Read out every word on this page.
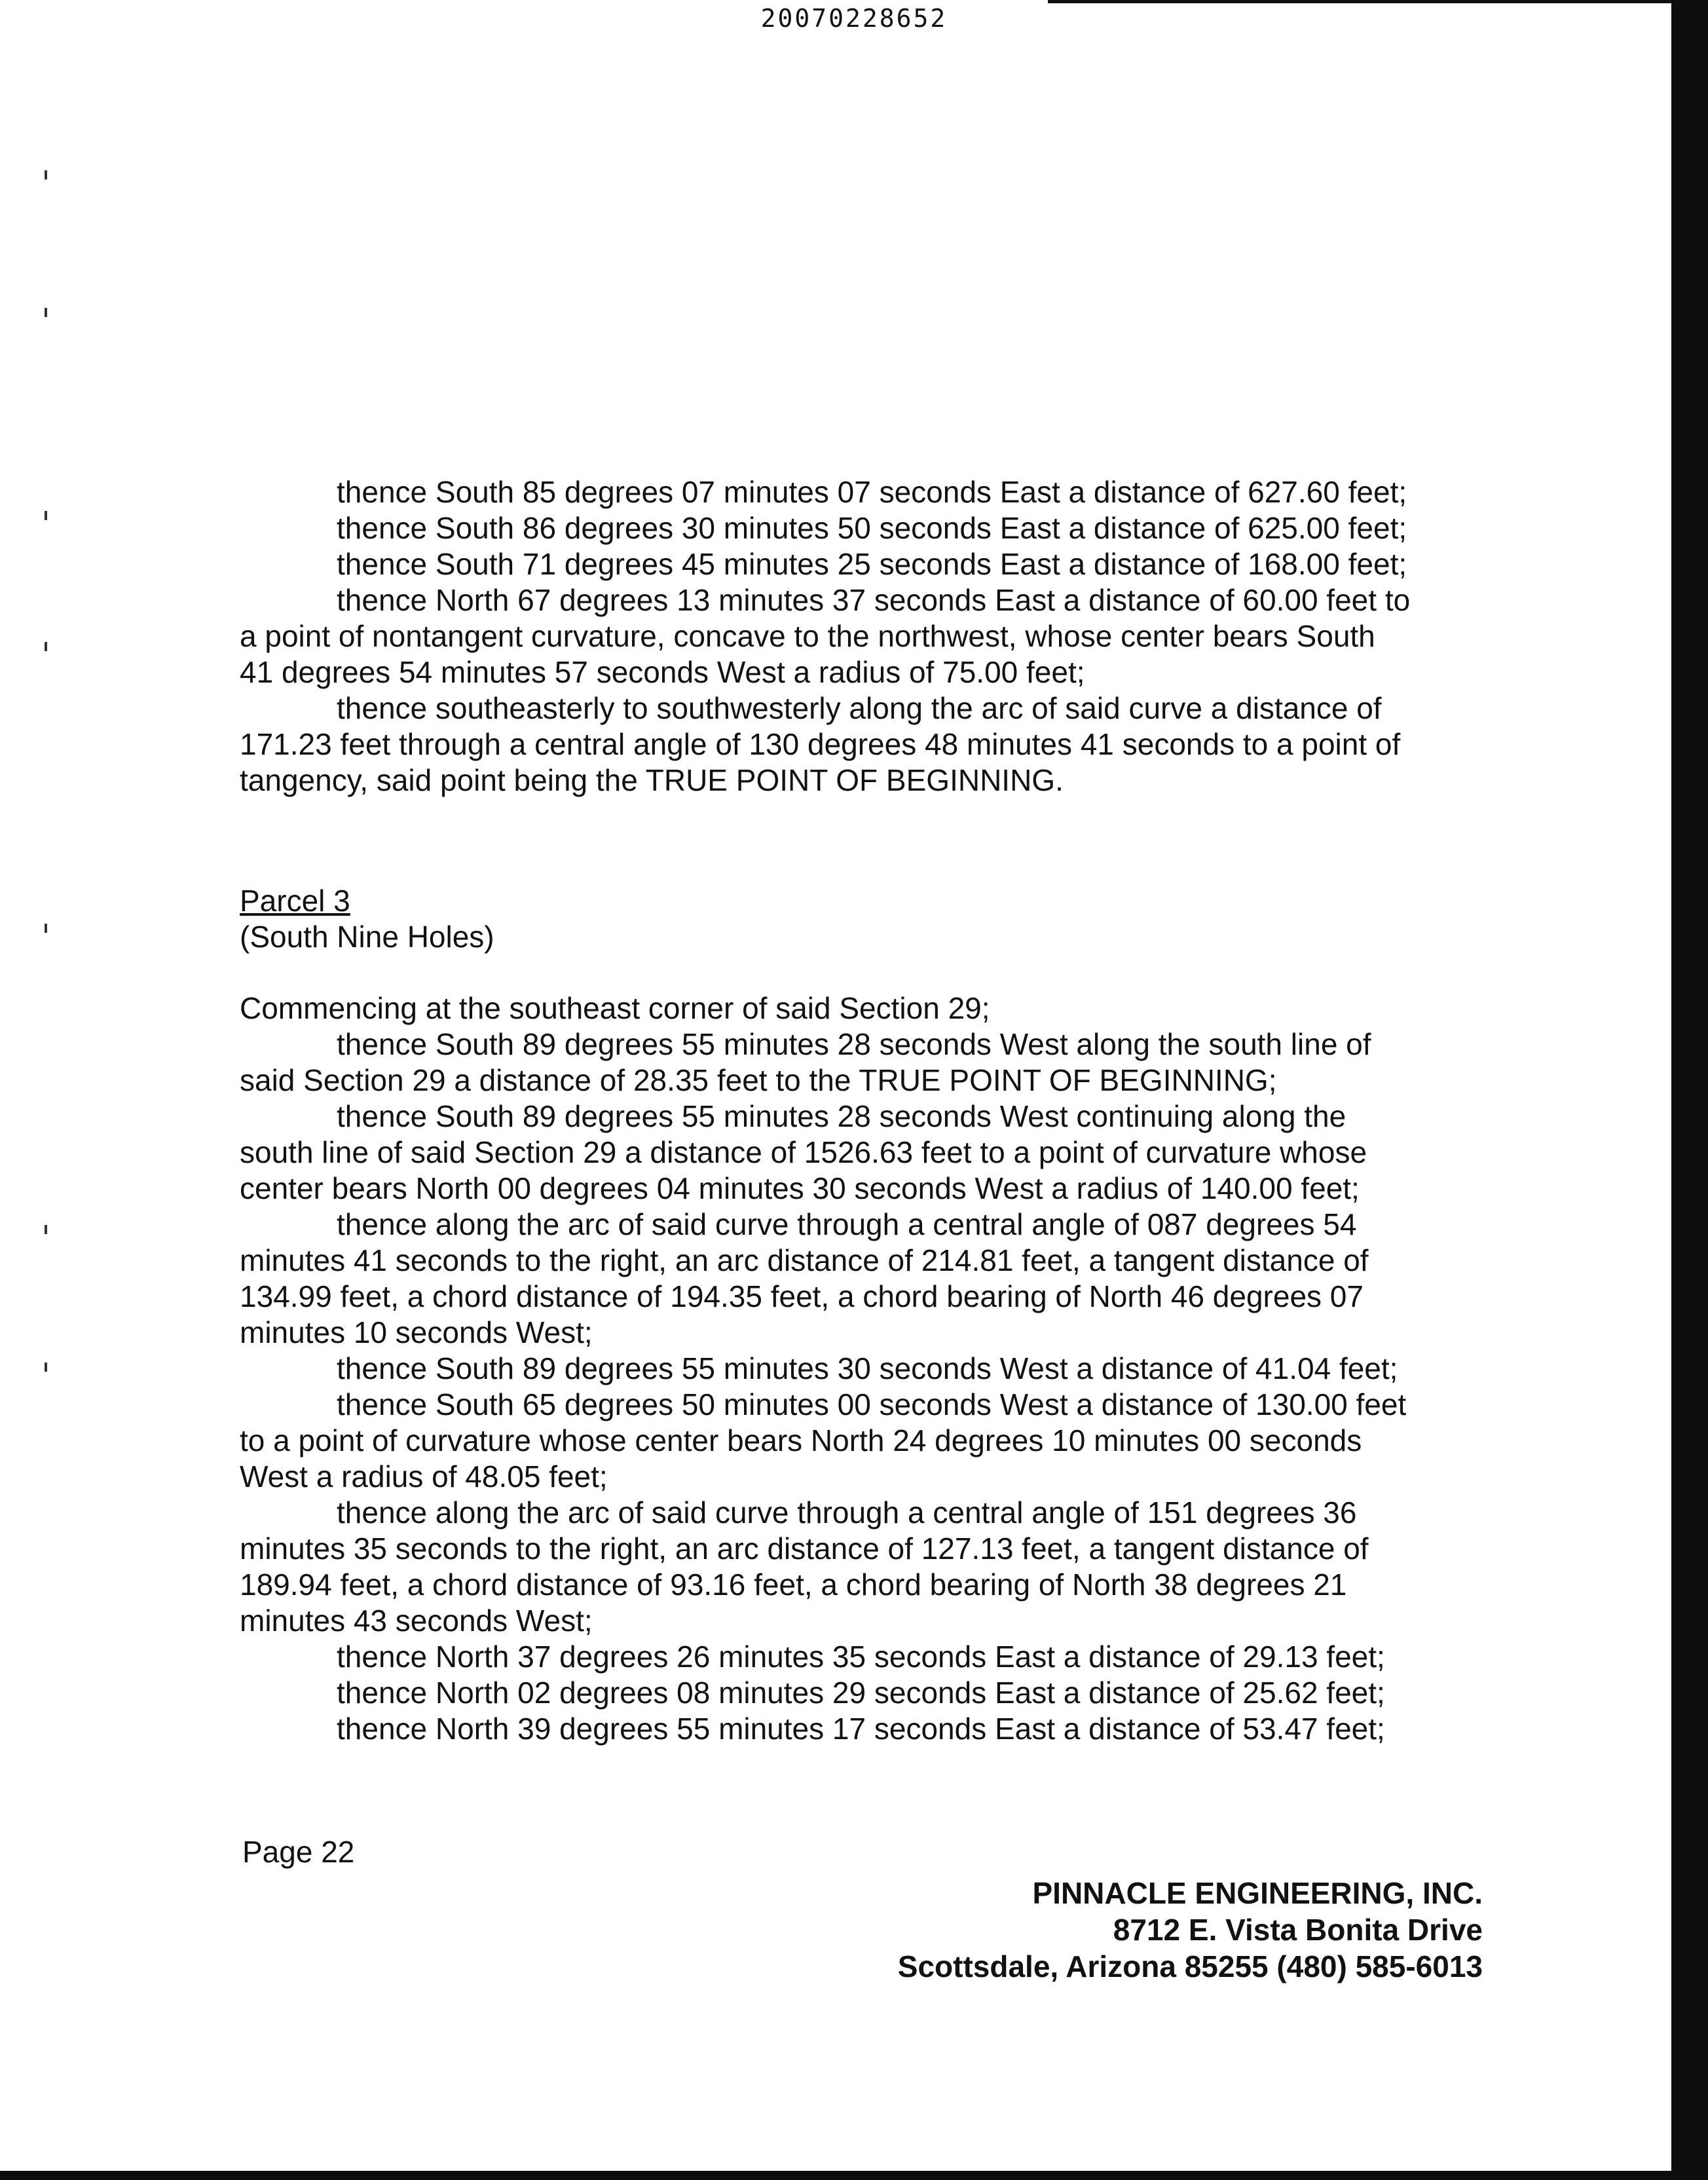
20070228652
thence South 85 degrees 07 minutes 07 seconds East a distance of 627.60 feet;
thence South 86 degrees 30 minutes 50 seconds East a distance of 625.00 feet;
thence South 71 degrees 45 minutes 25 seconds East a distance of 168.00 feet;
thence North 67 degrees 13 minutes 37 seconds East a distance of 60.00 feet to
a point of nontangent curvature, concave to the northwest, whose center bears South
41 degrees 54 minutes 57 seconds West a radius of 75.00 feet;
thence southeasterly to southwesterly along the arc of said curve a distance of
171.23 feet through a central angle of 130 degrees 48 minutes 41 seconds to a point of
tangency, said point being the TRUE POINT OF BEGINNING.
Parcel 3
(South Nine Holes)
Commencing at the southeast corner of said Section 29;
thence South 89 degrees 55 minutes 28 seconds West along the south line of
said Section 29 a distance of 28.35 feet to the TRUE POINT OF BEGINNING;
thence South 89 degrees 55 minutes 28 seconds West continuing along the
south line of said Section 29 a distance of 1526.63 feet to a point of curvature whose
center bears North 00 degrees 04 minutes 30 seconds West a radius of 140.00 feet;
thence along the arc of said curve through a central angle of 087 degrees 54
minutes 41 seconds to the right, an arc distance of 214.81 feet, a tangent distance of
134.99 feet, a chord distance of 194.35 feet, a chord bearing of North 46 degrees 07
minutes 10 seconds West;
thence South 89 degrees 55 minutes 30 seconds West a distance of 41.04 feet;
thence South 65 degrees 50 minutes 00 seconds West a distance of 130.00 feet
to a point of curvature whose center bears North 24 degrees 10 minutes 00 seconds
West a radius of 48.05 feet;
thence along the arc of said curve through a central angle of 151 degrees 36
minutes 35 seconds to the right, an arc distance of 127.13 feet, a tangent distance of
189.94 feet, a chord distance of 93.16 feet, a chord bearing of North 38 degrees 21
minutes 43 seconds West;
thence North 37 degrees 26 minutes 35 seconds East a distance of 29.13 feet;
thence North 02 degrees 08 minutes 29 seconds East a distance of 25.62 feet;
thence North 39 degrees 55 minutes 17 seconds East a distance of 53.47 feet;
Page 22
PINNACLE ENGINEERING, INC.
8712 E. Vista Bonita Drive
Scottsdale, Arizona 85255 (480) 585-6013
